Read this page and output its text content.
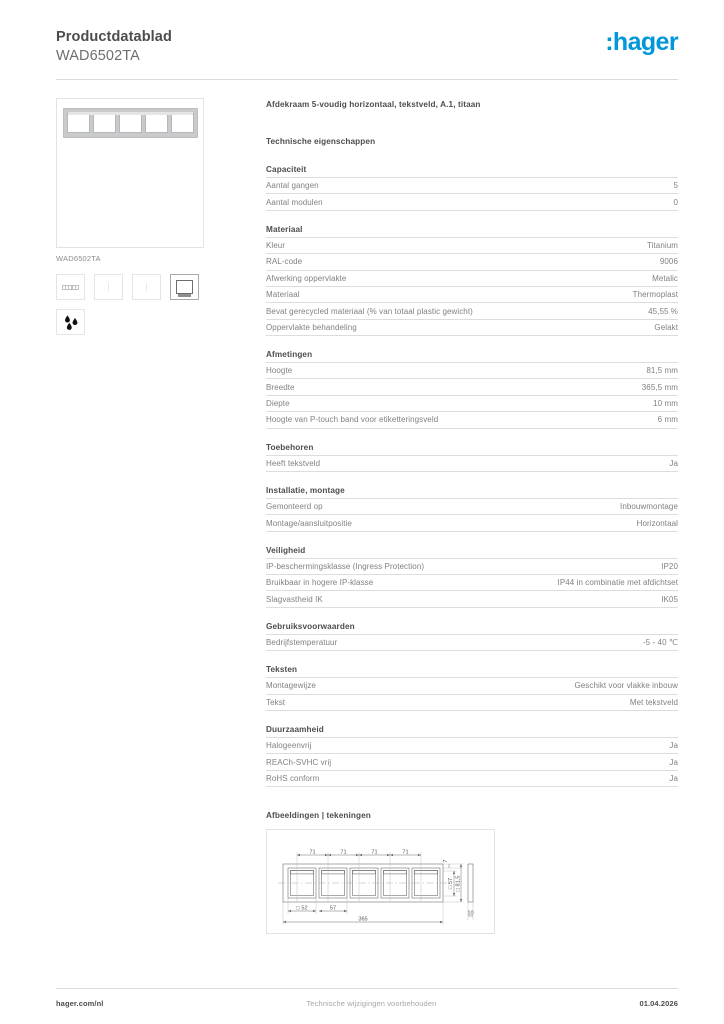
Productdatablad
WAD6502TA	:hager
WAD6502TA
Afdekraam 5-voudig horizontaal, tekstveld, A.1, titaan
Technische eigenschappen
Capaciteit
Aantal gangen	5
Aantal modulen	0
Materiaal
Kleur	Titanium
RAL-code	9006
Afwerking oppervlakte	Metalic
Materiaal	Thermoplast
Bevat gerecycled materiaal (% van totaal plastic gewicht)	45,55 %
Oppervlakte behandeling	Gelakt
Afmetingen
Hoogte	81,5 mm
Breedte	365,5 mm
Diepte	10 mm
Hoogte van P-touch band voor etiketteringsveld	6 mm
Toebehoren
Heeft tekstveld	Ja
Installatie, montage
Gemonteerd op	Inbouwmontage
Montage/aansluitpositie	Horizontaal
Veiligheid
IP-beschermingsklasse (Ingress Protection)	IP20
Bruikbaar in hogere IP-klasse	IP44 in combinatie met afdichtset
Slagvastheid IK	IK05
Gebruiksvoorwaarden
Bedrijfstemperatuur	-5 - 40 ℃
Teksten
Montagewijze	Geschikt voor vlakke inbouw
Tekst	Met tekstveld
Duurzaamheid
Halogeenvrij	Ja
REACh-SVHC vrij	Ja
RoHS conform	Ja
Afbeeldingen | tekeningen
71	71	71	71
□ 52	57
365
□ 57 □ 81,5
7
10
hager.com/nl	Technische wijzigingen voorbehouden	01.04.2026
